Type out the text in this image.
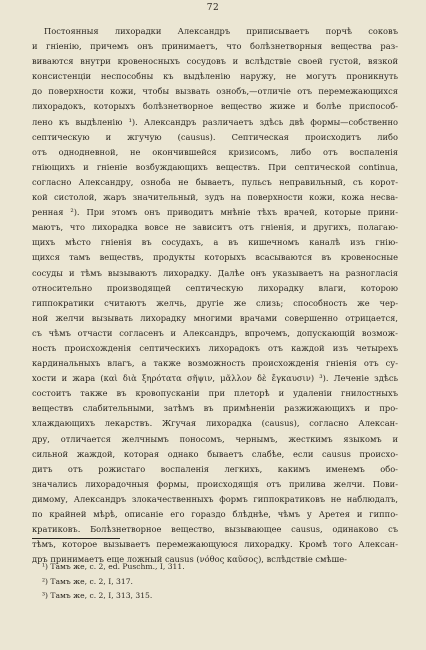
72
Постоянныя лихорадки Александръ приписываетъ порчѣ соковъ
и гніенію, причемъ онъ принимаетъ, что болѣзнетворныя вещества раз-
виваются внутри кровеносныхъ сосудовъ и вслѣдствіе своей густой, вязкой
консистенціи неспособны къ выдѣленію наружу, не могутъ проникнуть
до поверхности кожи, чтобы вызвать ознобъ,—отличіе отъ перемежающихся
лихорадокъ, которыхъ болѣзнетворное вещество жиже и болѣе приспособ-
лено къ выдѣленію ¹). Александръ различаетъ здѣсь двѣ формы—собственно
септическую и жгучую (causus). Септическая происходитъ либо
отъ однодневной, не окончившейся кризисомъ, либо отъ воспаленія
гніющихъ и гніеніе возбуждающихъ веществъ. При септической continua,
согласно Александру, озноба не бываетъ, пульсъ неправильный, съ корот-
кой систолой, жаръ значительный, зудъ на поверхности кожи, кожа несва-
ренная ²). При этомъ онъ приводитъ мнѣніе тѣхъ врачей, которые прини-
маютъ, что лихорадка вовсе не зависитъ отъ гніенія, и другихъ, полагаю-
щихъ мѣсто гніенія въ сосудахъ, а въ кишечномъ каналѣ изъ гнію-
щихся тамъ веществъ, продукты которыхъ всасываются въ кровеносные
сосуды и тѣмъ вызываютъ лихорадку. Далѣе онъ указываетъ на разногласія
относительно производящей септическую лихорадку влаги, которою
гиппократики считаютъ желчь, другіе же слизь; способность же чер-
ной желчи вызывать лихорадку многими врачами совершенно отрицается,
съ чѣмъ отчасти согласенъ и Александръ, впрочемъ, допускающій возмож-
ность происхожденія септическихъ лихорадокъ отъ каждой изъ четырехъ
кардинальныхъ влагъ, а также возможность происхожденія гніенія отъ су-
хости и жара (καὶ διὰ ξηρότατα σῆψιν, μᾶλλον δὲ ἔγκαυσιν) ³). Леченіе здѣсь
состоитъ также въ кровопусканіи при плеторѣ и удаленіи гнилостныхъ
веществъ слабительными, затѣмъ въ примѣненіи разжижающихъ и про-
хлаждающихъ лекарствъ. Жгучая лихорадка (causus), согласно Алексан-
дру, отличается желчнымъ поносомъ, чернымъ, жесткимъ языкомъ и
сильной жаждой, которая однако бываетъ слабѣе, если causus происхо-
дитъ отъ рожистаго воспаленія легкихъ, какимъ именемъ обо-
значались лихорадочныя формы, происходящія отъ прилива желчи. Пови-
димому, Александръ злокачественныхъ формъ гиппократиковъ не наблюдалъ,
по крайней мѣрѣ, описаніе его гораздо блѣднѣе, чѣмъ у Аретея и гиппо-
кратиковъ. Болѣзнетворное вещество, вызывающее causus, одинаково съ
тѣмъ, которое вызываетъ перемежающуюся лихорадку. Кромѣ того Алексан-
дръ принимаетъ еще ложный causus (νόθος καῦσος), вслѣдствіе смѣше-
¹) Тамъ же, с. 2, ed. Puschm., I, 311.
²) Тамъ же, с. 2, I, 317.
³) Тамъ же, с. 2, I, 313, 315.
